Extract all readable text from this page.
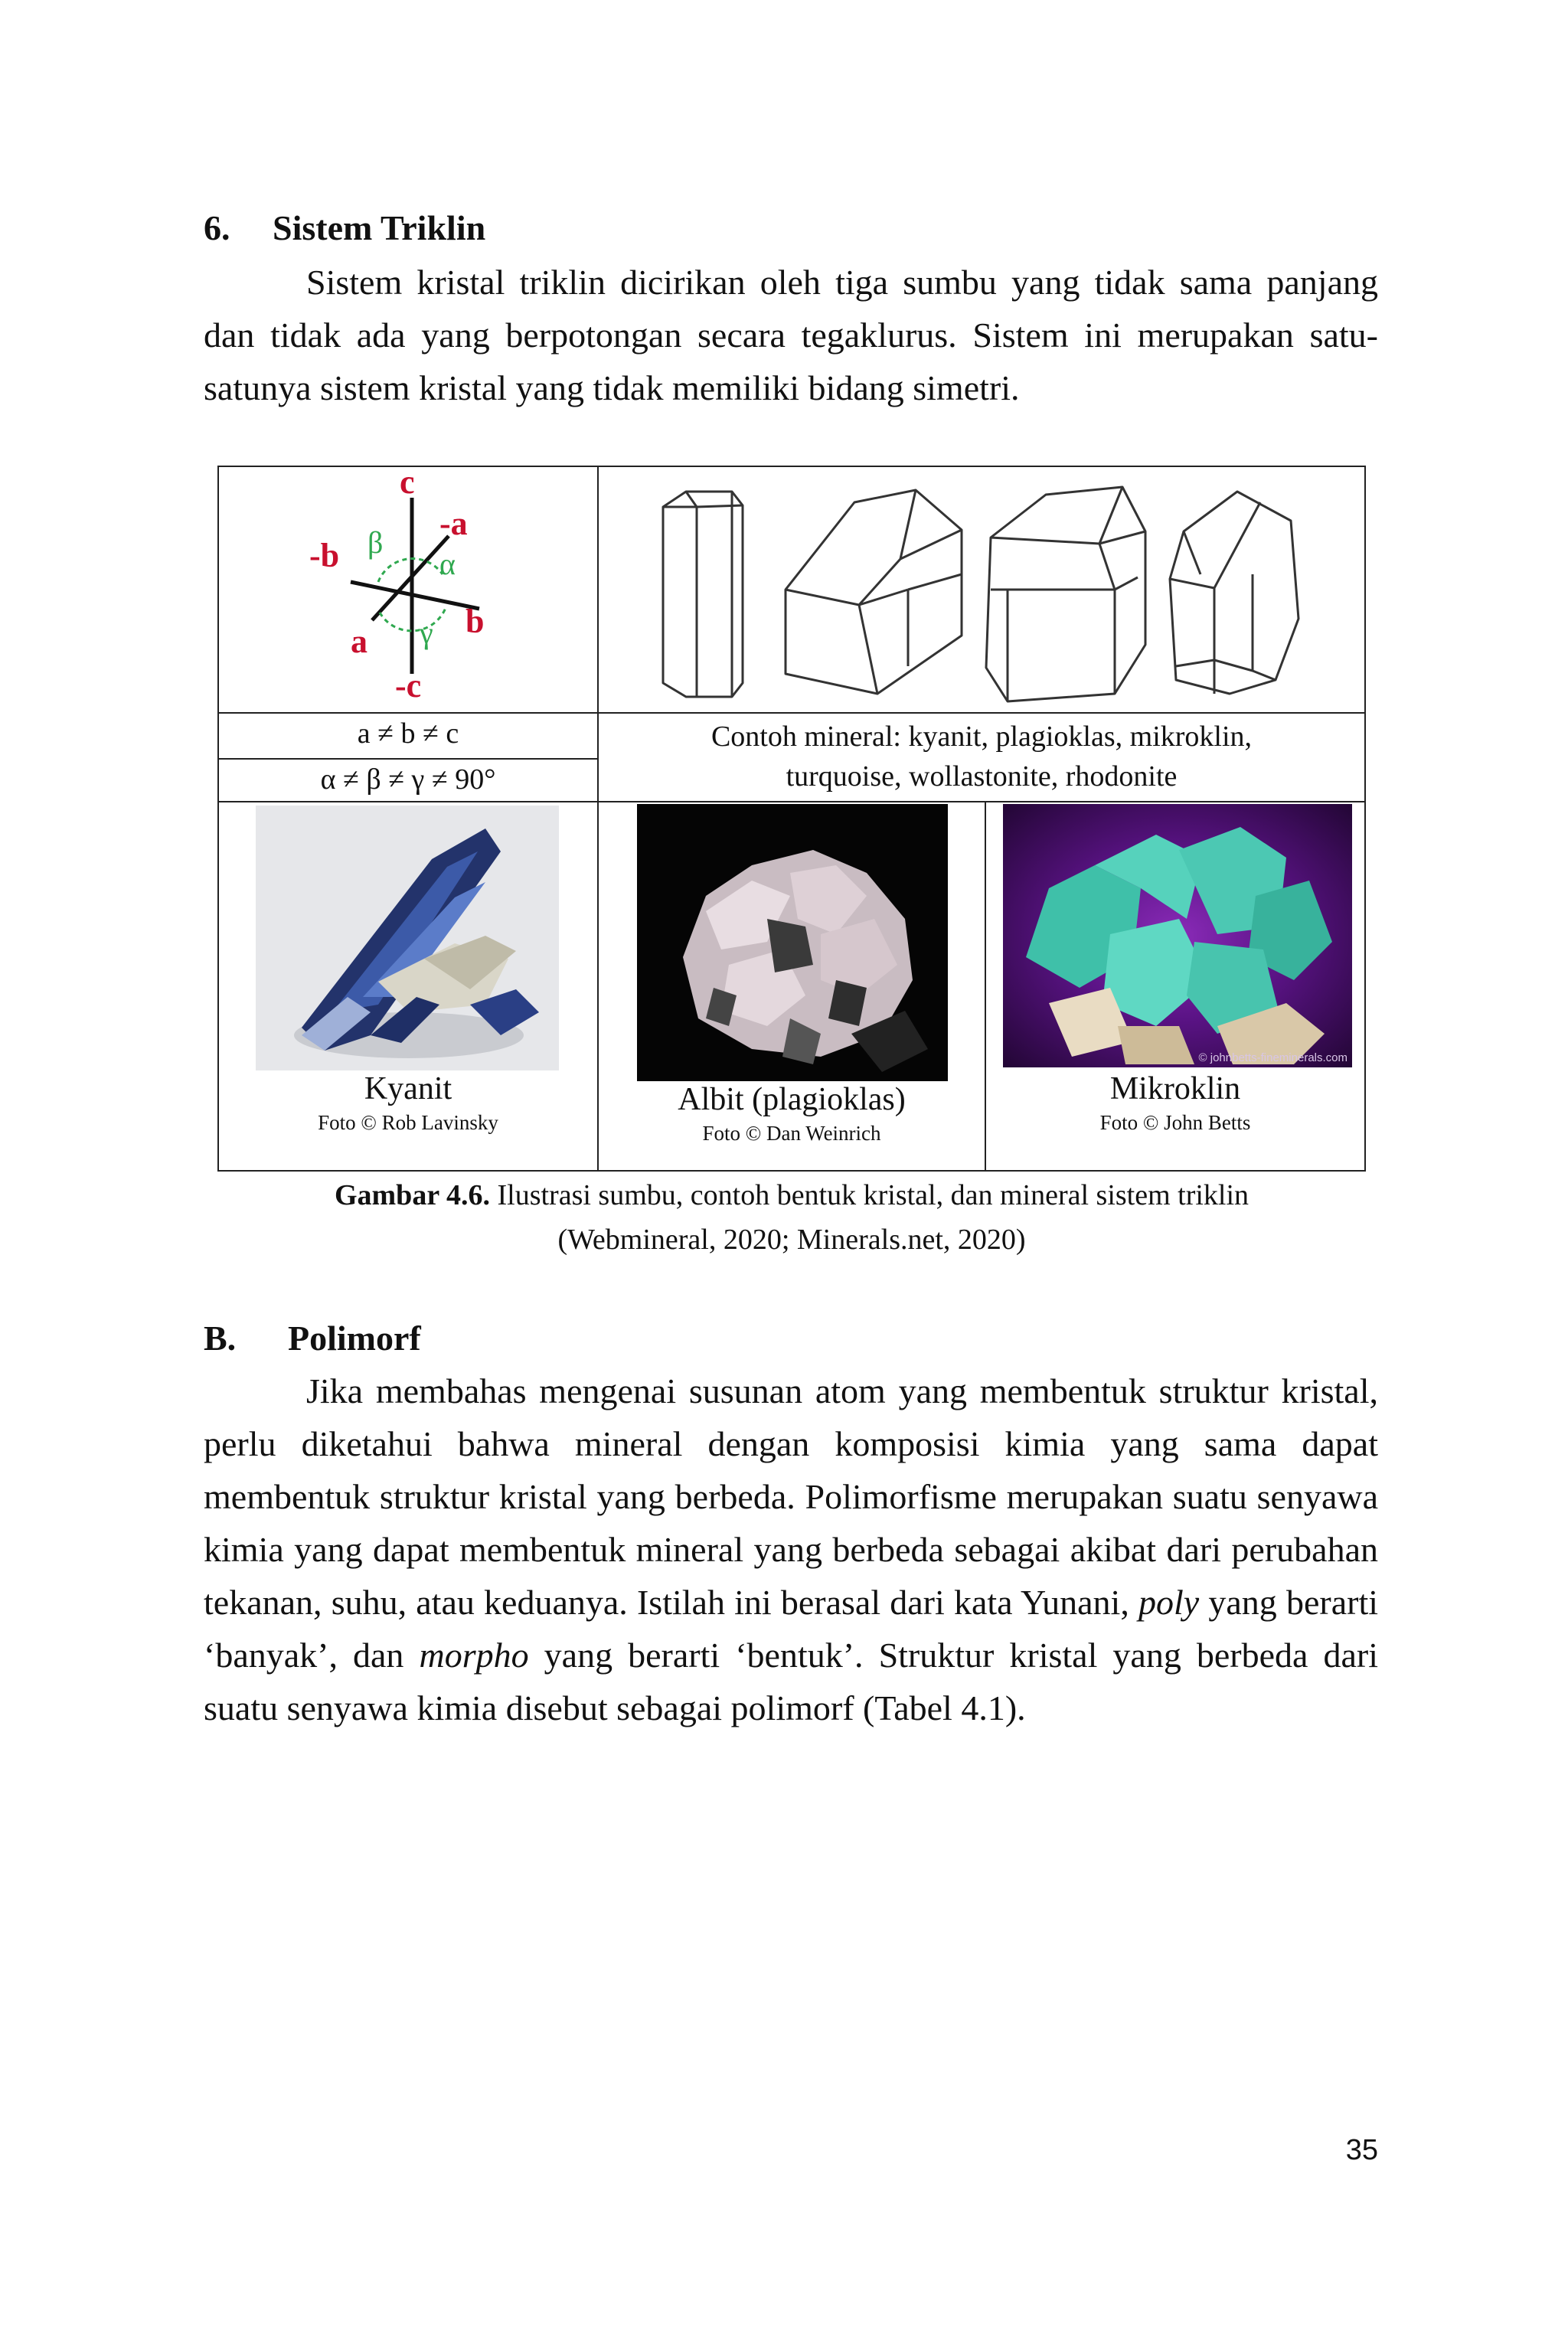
6. Sistem Triklin

Sistem kristal triklin dicirikan oleh tiga sumbu yang tidak sama panjang dan tidak ada yang berpotongan secara tegaklurus. Sistem ini merupakan satu-satunya sistem kristal yang tidak memiliki bidang simetri.

c
-c
-a
a
-b
b
β
α
γ
a ≠ b ≠ c
α ≠ β ≠ γ ≠ 90°
Contoh mineral: kyanit, plagioklas, mikroklin,
turquoise, wollastonite, rhodonite
Kyanit
Foto © Rob Lavinsky
Albit (plagioklas)
Foto © Dan Weinrich
© johnbetts-fineminerals.com
Mikroklin
Foto © John Betts
Gambar 4.6. Ilustrasi sumbu, contoh bentuk kristal, dan mineral sistem triklin
(Webmineral, 2020; Minerals.net, 2020)
B. Polimorf

Jika membahas mengenai susunan atom yang membentuk struktur kristal, perlu diketahui bahwa mineral dengan komposisi kimia yang sama dapat membentuk struktur kristal yang berbeda. Polimorfisme merupakan suatu senyawa kimia yang dapat membentuk mineral yang berbeda sebagai akibat dari perubahan tekanan, suhu, atau keduanya. Istilah ini berasal dari kata Yunani, poly yang berarti ‘banyak’, dan morpho yang berarti ‘bentuk’. Struktur kristal yang berbeda dari suatu senyawa kimia disebut sebagai polimorf (Tabel 4.1).

35
